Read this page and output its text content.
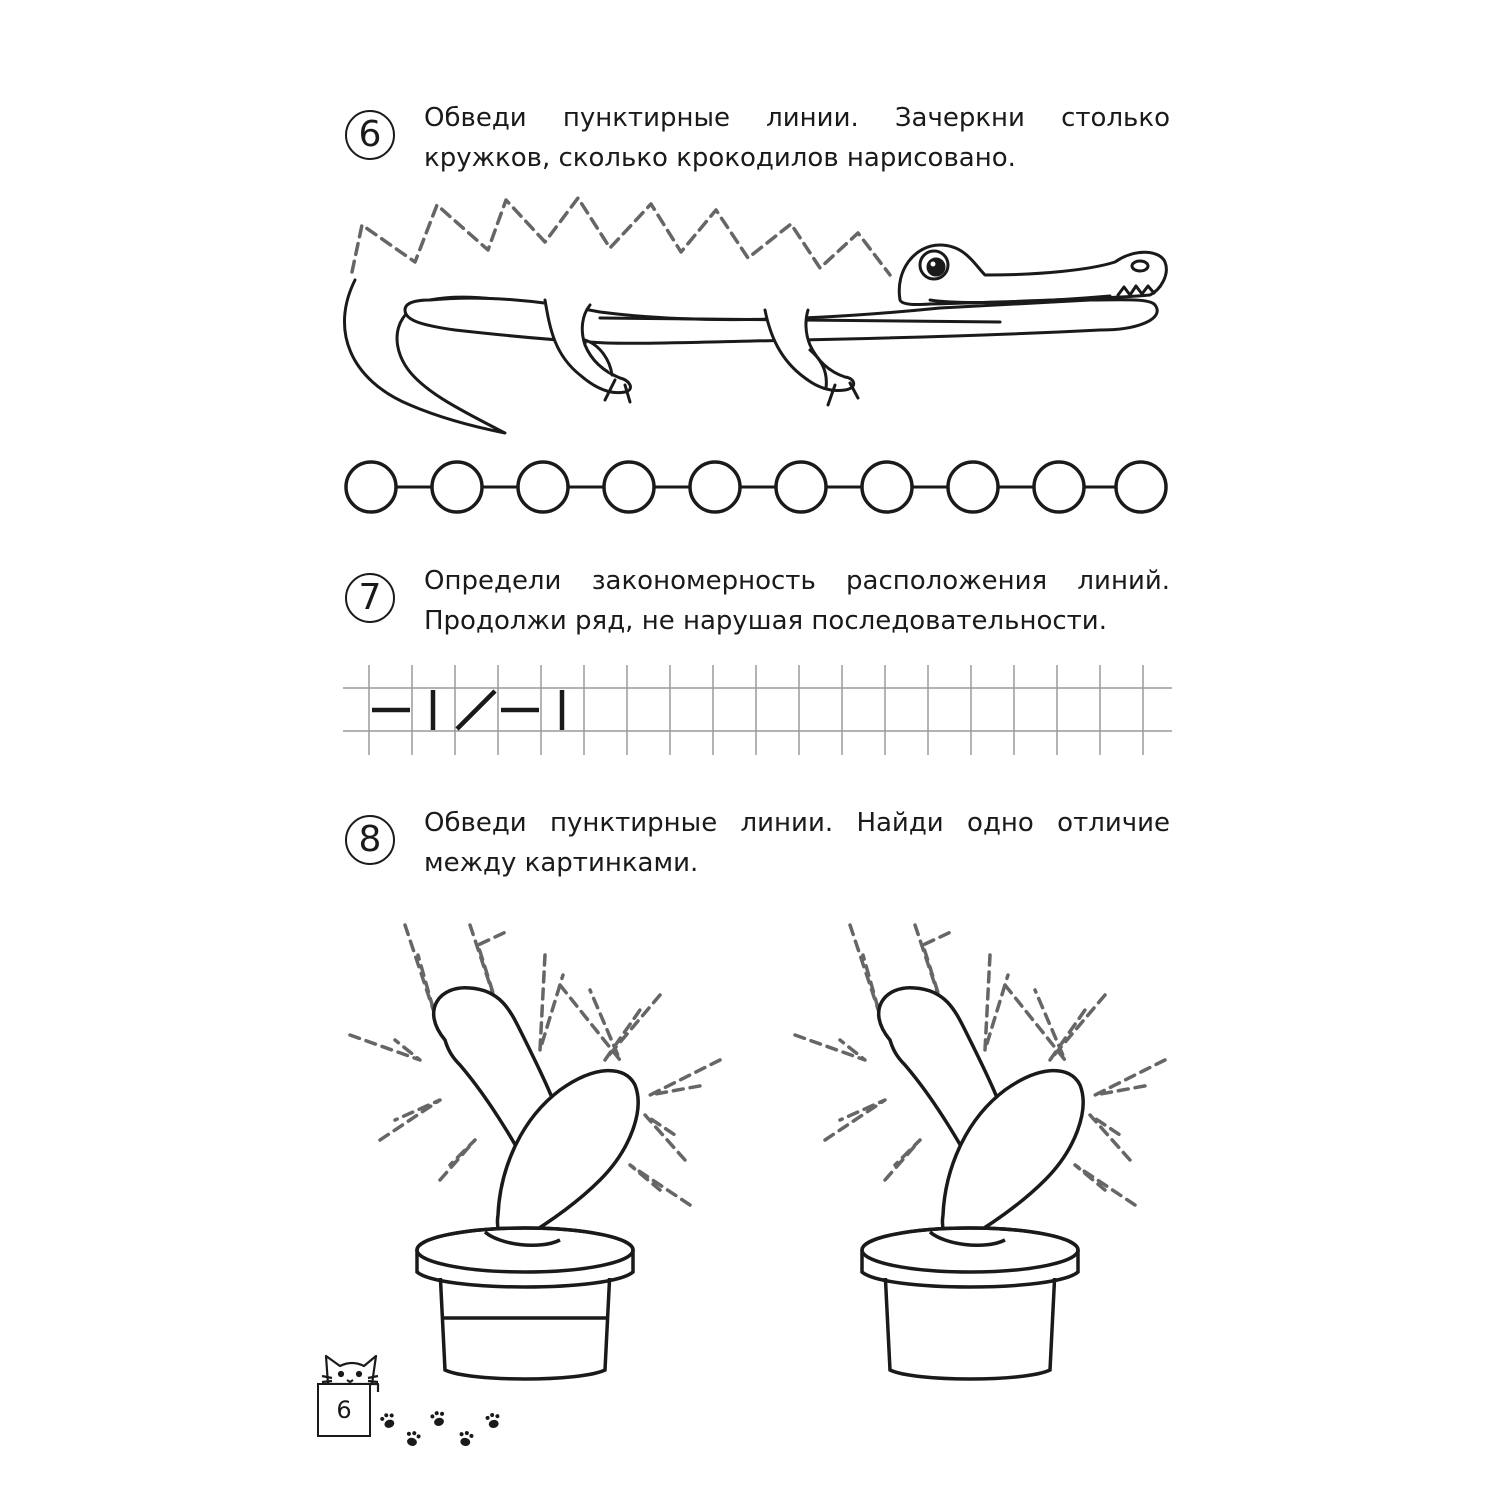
6 Обведи пунктирные линии. Зачеркни столько
кружков, сколько крокодилов нарисовано.
7 Определи закономерность расположения линий.
Продолжи ряд, не нарушая последовательности.
8 Обведи пунктирные линии. Найди одно отличие
между картинками.
6
